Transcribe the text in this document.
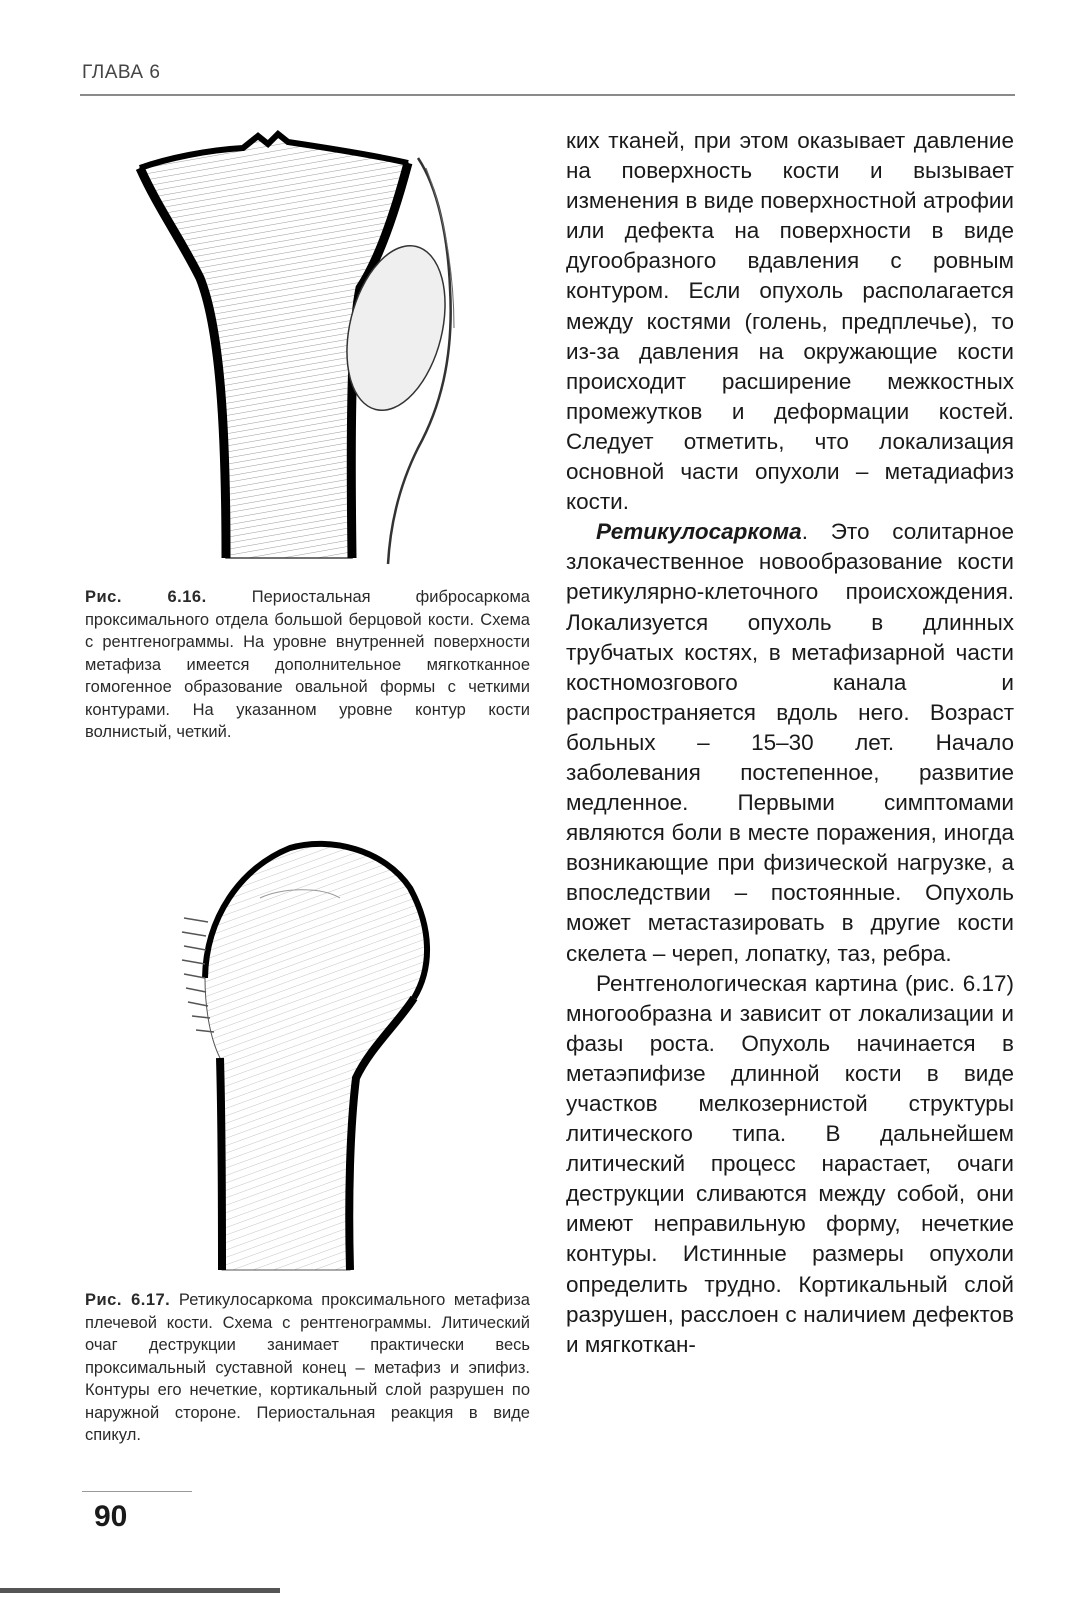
ГЛАВА 6
Рис. 6.16.	Периостальная фибросаркома проксимального отдела большой берцовой кости. Схема с рентгенограммы. На уровне внутренней поверхности метафиза имеется дополнительное мягкотканное гомогенное образование овальной формы с четкими контурами. На указанном уровне контур кости волнистый, четкий.
Рис. 6.17. Ретикулосаркома проксимального метафиза плечевой кости. Схема с рентгенограммы. Литический очаг деструкции занимает практически весь проксимальный суставной конец – метафиз и эпифиз. Контуры его нечеткие, кортикальный слой разрушен по наружной стороне. Периостальная реакция в виде спикул.

ких тканей, при этом оказывает давление на поверхность кости и вызывает изменения в виде поверхностной атрофии или дефекта на поверхности в виде дугообразного вдавления с ровным контуром. Если опухоль располагается между костями (голень, предплечье), то из-за давления на окружающие кости происходит расширение межкостных промежутков и деформации костей. Следует отметить, что локализация основной части опухоли – метадиафиз кости.

Ретикулосаркома. Это солитарное злокачественное новообразование кости ретикулярно-клеточного происхождения. Локализуется опухоль в длинных трубчатых костях, в метафизарной части костномозгового канала и распространяется вдоль него. Возраст больных – 15–30 лет. Начало заболевания постепенное, развитие медленное. Первыми симптомами являются боли в месте поражения, иногда возникающие при физической нагрузке, а впоследствии – постоянные. Опухоль может метастазировать в другие кости скелета – череп, лопатку, таз, ребра.

Рентгенологическая картина (рис. 6.17) многообразна и зависит от локализации и фазы роста. Опухоль начинается в метаэпифизе длинной кости в виде участков мелкозернистой структуры литического типа. В дальнейшем литический процесс нарастает, очаги деструкции сливаются между собой, они имеют неправильную форму, нечеткие контуры. Истинные размеры опухоли определить трудно. Кортикальный слой разрушен, расслоен с наличием дефектов и мягкоткан-

90
